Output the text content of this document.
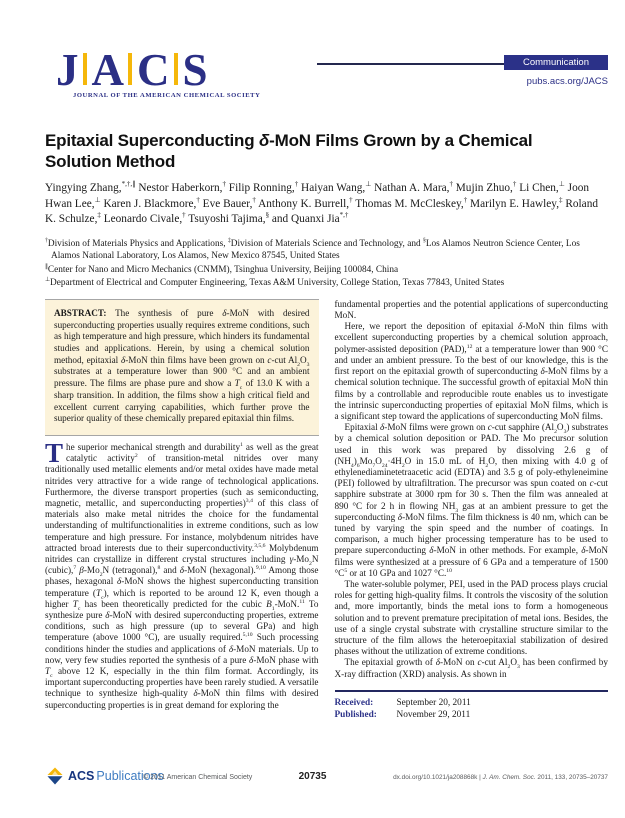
J A C S
JOURNAL OF THE AMERICAN CHEMICAL SOCIETY
Communication
pubs.acs.org/JACS
Epitaxial Superconducting δ-MoN Films Grown by a Chemical Solution Method
Yingying Zhang,*,†,∥ Nestor Haberkorn,† Filip Ronning,† Haiyan Wang,⊥ Nathan A. Mara,† Mujin Zhuo,† Li Chen,⊥ Joon Hwan Lee,⊥ Karen J. Blackmore,† Eve Bauer,† Anthony K. Burrell,† Thomas M. McCleskey,† Marilyn E. Hawley,‡ Roland K. Schulze,‡ Leonardo Civale,† Tsuyoshi Tajima,§ and Quanxi Jia*,†
†Division of Materials Physics and Applications, ‡Division of Materials Science and Technology, and §Los Alamos Neutron Science Center, Los Alamos National Laboratory, Los Alamos, New Mexico 87545, United States
∥Center for Nano and Micro Mechanics (CNMM), Tsinghua University, Beijing 100084, China
⊥Department of Electrical and Computer Engineering, Texas A&M University, College Station, Texas 77843, United States
ABSTRACT: The synthesis of pure δ-MoN with desired superconducting properties usually requires extreme conditions, such as high temperature and high pressure, which hinders its fundamental studies and applications. Herein, by using a chemical solution method, epitaxial δ-MoN thin films have been grown on c-cut $Al_2O_3$ substrates at a temperature lower than 900 °C and an ambient pressure. The films are phase pure and show a $T_c$ of 13.0 K with a sharp transition. In addition, the films show a high critical field and excellent current carrying capabilities, which further prove the superior quality of these chemically prepared epitaxial thin films.

The superior mechanical strength and durability$^1$ as well as the great catalytic activity$^2$ of transition-metal nitrides over many traditionally used metallic elements and/or metal oxides have made metal nitrides very attractive for a wide range of technological applications. Furthermore, the diverse transport properties (such as semiconducting, magnetic, metallic, and superconducting properties)$^{3,4}$ of this class of materials also make metal nitrides the choice for the fundamental understanding of multifunctionalities in extreme conditions, such as low temperature and high pressure. For instance, molybdenum nitrides have attracted broad interests due to their superconductivity.$^{3,5,6}$ Molybdenum nitrides can crystallize in different crystal structures including $\gamma-Mo_2N$ (cubic),$^7$ $\beta-Mo_2N$ (tetragonal),$^8$ and δ-MoN (hexagonal).$^{9,10}$ Among those phases, hexagonal δ-MoN shows the highest superconducting transition temperature $(T_c)$, which is reported to be around 12 K, even though a higher $T_c$ has been theoretically predicted for the cubic $B_1-MoN.^{11}$ To synthesize pure δ-MoN with desired superconducting properties, extreme conditions, such as high pressure (up to several GPa) and high temperature (above 1000 °C), are usually required.$^{5,10}$ Such processing conditions hinder the studies and applications of δ-MoN materials. Up to now, very few studies reported the synthesis of a pure δ-MoN phase with $T_c$ above 12 K, especially in the thin film format. Accordingly, its important superconducting properties have been rarely studied. A versatile technique to synthesize high-quality δ-MoN thin films with desired superconducting properties is in great demand for exploring the

fundamental properties and the potential applications of superconducting MoN.

Here, we report the deposition of epitaxial δ-MoN thin films with excellent superconducting properties by a chemical solution approach, polymer-assisted deposition (PAD),$^{12}$ at a temperature lower than 900 °C and under an ambient pressure. To the best of our knowledge, this is the first report on the epitaxial growth of superconducting δ-MoN films by a chemical solution technique. The successful growth of epitaxial MoN thin films by a controllable and reproducible route enables us to investigate the intrinsic superconducting properties of epitaxial MoN films, which is a significant step toward the applications of superconducting MoN films.

Epitaxial δ-MoN films were grown on c-cut sapphire $(Al_2O_3)$ substrates by a chemical solution deposition or PAD. The Mo precursor solution used in this work was prepared by dissolving 2.6 g of $(NH_4)_6Mo_7O_{24}\cdot 4H_2O$ in 15.0 mL of $H_2O$, then mixing with 4.0 g of ethylenediaminetetraacetic acid (EDTA) and 3.5 g of poly-ethyleneimine (PEI) followed by ultrafiltration. The precursor was spun coated on c-cut sapphire substrate at 3000 rpm for 30 s. Then the film was annealed at 890 °C for 2 h in flowing $NH_3$ gas at an ambient pressure to get the superconducting δ-MoN films. The film thickness is 40 nm, which can be tuned by varying the spin speed and the number of coatings. In comparison, a much higher processing temperature has to be used to prepare superconducting δ-MoN in other methods. For example, δ-MoN films were synthesized at a pressure of 6 GPa and a temperature of 1500 $^\circ C^5$ or at 10 GPa and 1027 °C.$^{10}$

The water-soluble polymer, PEI, used in the PAD process plays crucial roles for getting high-quality films. It controls the viscosity of the solution and, more importantly, binds the metal ions to form a homogeneous solution and to prevent premature precipitation of metal ions. Besides, the use of a single crystal substrate with crystalline structure similar to the structure of the film allows the heteroepitaxial stabilization of desired phases without the utilization of extreme conditions.

The epitaxial growth of δ-MoN on c-cut $Al_2O_3$ has been confirmed by X-ray diffraction (XRD) analysis. As shown in

Received:	September 20, 2011
Published:	November 29, 2011
ACS Publications
© 2011 American Chemical Society	20735	dx.doi.org/10.1021/ja208868k | J. Am. Chem. Soc. 2011, 133, 20735–20737
